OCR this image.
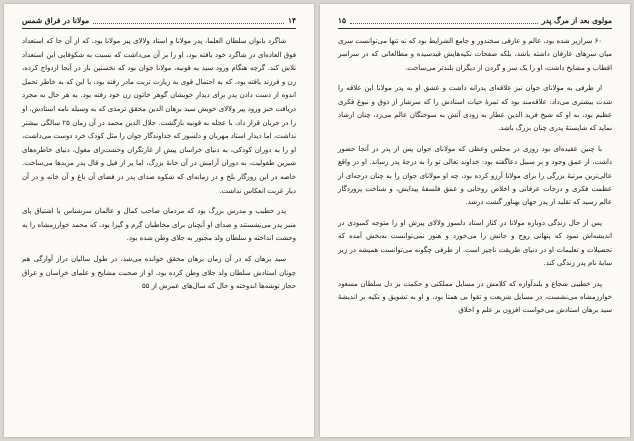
۱۴
مولانا در فراق شمس

شاگرد بانوان سلطان العلما، پدر مولانا و استاد ولالای پیر مولانا بود، که از آن جا که استعداد فوق العاده‌ای در شاگرد خود یافته بود، او را بر آن می‌داشت که نسبت به شکوفایی این استعداد تلاش کند. گرچه هنگام ورود سید به قونیه، مولانا جوان بود که نخستین بار در آنجا ازدواج کرده، زن و فرزند یافته بود، که به احتمال قوی به زیارت تربت مادر رفته بود، با این که به خاطر تحمل اندوه از دست دادن پدر برای دیدار خویشان گوهر خاتون زن خود رفته بود. به هر حال به مجرد دریافت خبر ورود پیر ولالای خویش سید برهان الدین محقق ترمذی که به وسیله نامه استادش، او را در جریان قرار داد، با عجله به قونیه بازگشت. جلال الدین محمد در آن زمان ۲۵ سالگی بیشتر نداشت، اما دیدار استاد مهربان و دلسوز که خداوندگار جوان را مثل کودک خرد دوست می‌داشت، او را به دوران کودکی، به دنیای خراسان پیش از غارتگران وحشت‌زای مغول، دنیای خاطره‌های شیرین طفولیت، به دوران آرامش در آن خانهٔ بزرگ، اما پر از فیل و قال پدر مریدها می‌ساخت. خاصه در این روزگار بلخ و در زمانه‌ای که شکوه صدای پدر در فضای آن باغ و آن خانه و در آن دیار غربت انعکاس نداشت.

پدر خطیب و مدرس بزرگ بود که مردمان صاحب کمال و عالمان سرشناس با اشتیاق پای منبر پدر می‌نشستند و صدای او آنچنان برای مخاطبان گرم و گیرا بود، که محمد خوارزمشاه را به وحشت انداخته و سلطان ولد مجبور به جلای وطن شده بود.

سید برهان که در آن زمان برهان محقق خوانده می‌شد، در طول سالیان دراز آوارگی هم چونان استادش سلطان ولد جلای وطن کرده بود، او از صحبت مشایخ و علمای خراسان و عراق حجاز توشه‌ها اندوخته و حال که سال‌های عمرش از ۵۵

مولوی بعد از مرگ پدر
۱۵

۶۰ سرازیر شده بود، عالم و عارفی سخندور و جامع الشرایط بود که نه تنها می‌توانست سری میان سرهای عارفان داشته باشد، بلکه صفحات تکیه‌هایش قیدسیده و مطالعاتی که در سراسر اقطاب و مشایخ داشت، او را یک سر و گردن از دیگران بلندتر می‌ساخت.

از طرفی به مولانای جوان نیز علاقه‌ای پدرانه داشت و عشق او به پدر مولانا این علاقه را شدت بیشتری می‌داد. علاقه‌مند بود که ثمرهٔ حیات استادش را که سرشار از ذوق و نبوغ فکری عظیم بود، به او که شیخ فرید الدین عطار به زودی آتش به سوختگان عالم می‌زد، چنان ارشاد نماید که شایستهٔ پدری چنان بزرگ باشد.

با چنین عقیده‌ای بود روزی در مجلس وعظی که مولانای جوان پس از پدر در آنجا حضور داشت، از عمق وجود و بر سبیل دعاگفته بود: خداوند تعالی تو را به درجهٔ پدر رساند. او در واقع عالی‌ترین مرتبهٔ بزرگی را برای مولانا آرزو کرده بود، چه او مولانای جوان را به چنان درجه‌ای از عظمت فکری و درجات عرفانی و اخلاص روحانی و عمق فلسفهٔ پیدایش، و شناخت پروردگار عالم رسید که تقلید از پدر جهان بهناور گشت درشد.

پس از حال زندگی دوباره مولانا در کنار استاد دلسوز ولالای پیرش او را متوجه کمبودی در اندیشه‌اش نمود که پنهانی روح و جانش را می‌خورد و هنوز نمی‌توانست به‌بخش آمده که تحصیلات و تعلیمات او در دنیای طریقت ناچیز است. از طرفی چگونه می‌توانست همیشه در زیر سایهٔ نام پدر زندگی کند.

پدر خطیبی شجاع و بلندآوازه که کلامش در مسایل مملکتی و حکمت بر دل سلطان مسعود خوارزمشاه می‌نشست، در مسایل شریعت و تقوا بی همتا بود، و او به تشویق و تکیه بر اندیشهٔ سید برهان استادش می‌خواست افزون بر علم و اخلاق
